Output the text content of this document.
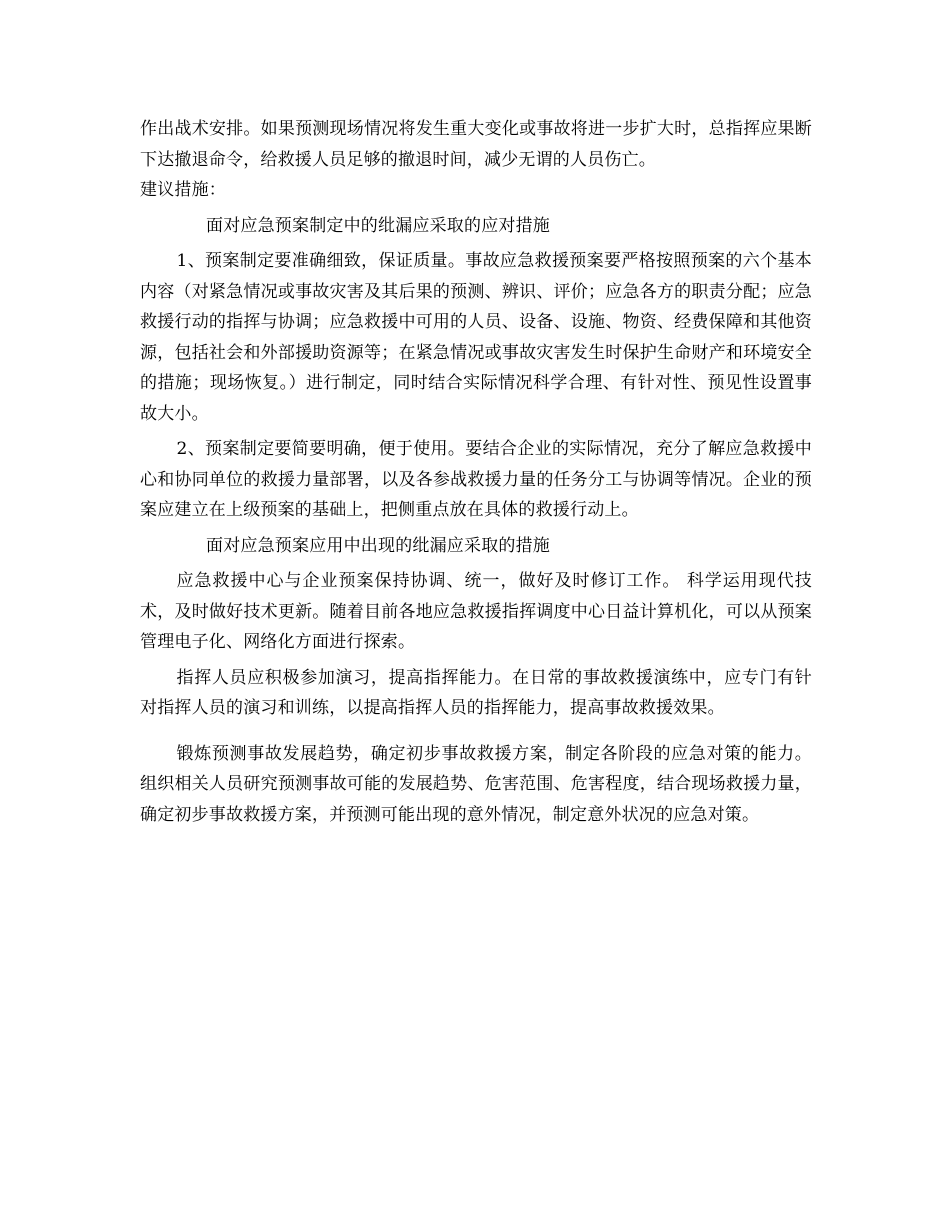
作出战术安排。如果预测现场情况将发生重大变化或事故将进一步扩大时，总指挥应果断下达撤退命令，给救援人员足够的撤退时间，减少无谓的人员伤亡。

建议措施：

面对应急预案制定中的纰漏应采取的应对措施

1、预案制定要准确细致，保证质量。事故应急救援预案要严格按照预案的六个基本内容（对紧急情况或事故灾害及其后果的预测、辨识、评价；应急各方的职责分配；应急救援行动的指挥与协调；应急救援中可用的人员、设备、设施、物资、经费保障和其他资源，包括社会和外部援助资源等；在紧急情况或事故灾害发生时保护生命财产和环境安全的措施；现场恢复。）进行制定，同时结合实际情况科学合理、有针对性、预见性设置事故大小。

2、预案制定要简要明确，便于使用。要结合企业的实际情况，充分了解应急救援中心和协同单位的救援力量部署，以及各参战救援力量的任务分工与协调等情况。企业的预案应建立在上级预案的基础上，把侧重点放在具体的救援行动上。

面对应急预案应用中出现的纰漏应采取的措施

应急救援中心与企业预案保持协调、统一，做好及时修订工作。 科学运用现代技术，及时做好技术更新。随着目前各地应急救援指挥调度中心日益计算机化，可以从预案管理电子化、网络化方面进行探索。

指挥人员应积极参加演习，提高指挥能力。在日常的事故救援演练中，应专门有针对指挥人员的演习和训练，以提高指挥人员的指挥能力，提高事故救援效果。

锻炼预测事故发展趋势，确定初步事故救援方案，制定各阶段的应急对策的能力。组织相关人员研究预测事故可能的发展趋势、危害范围、危害程度，结合现场救援力量，确定初步事故救援方案，并预测可能出现的意外情况，制定意外状况的应急对策。
